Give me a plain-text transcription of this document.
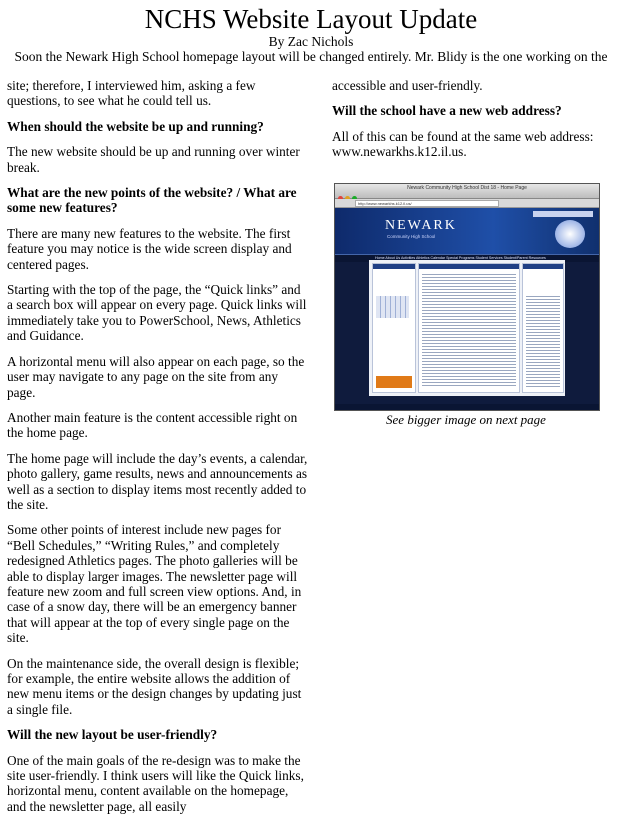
NCHS Website Layout Update
By Zac Nichols
Soon the Newark High School homepage layout will be changed entirely. Mr. Blidy is the one working on the

site; therefore, I interviewed him, asking a few questions, to see what he could tell us.

When should the website be up and running?

The new website should be up and running over winter break.

What are the new points of the website? / What are some new features?

There are many new features to the website. The first feature you may notice is the wide screen display and centered pages.

Starting with the top of the page, the “Quick links” and a search box will appear on every page. Quick links will immediately take you to PowerSchool, News, Athletics and Guidance.

A horizontal menu will also appear on each page, so the user may navigate to any page on the site from any page.

Another main feature is the content accessible right on the home page.

The home page will include the day’s events, a calendar, photo gallery, game results, news and announcements as well as a section to display items most recently added to the site.

Some other points of interest include new pages for “Bell Schedules,” “Writing Rules,” and completely redesigned Athletics pages. The photo galleries will be able to display larger images. The newsletter page will feature new zoom and full screen view options. And, in case of a snow day, there will be an emergency banner that will appear at the top of every single page on the site.

On the maintenance side, the overall design is flexible; for example, the entire website allows the addition of new menu items or the design changes by updating just a single file.

Will the new layout be user-friendly?

One of the main goals of the re-design was to make the site user-friendly. I think users will like the Quick links, horizontal menu, content available on the homepage, and the newsletter page, all easily

accessible and user-friendly.

Will the school have a new web address?

All of this can be found at the same web address: www.newarkhs.k12.il.us.

Newark Community High School Dist 18 - Home Page
http://www.newarkhs.k12.il.us/
NEWARK
Community High School
Home About Us Activities Athletics Calendar Special Programs Student Services Student/Parent Resources
See bigger image on next page
